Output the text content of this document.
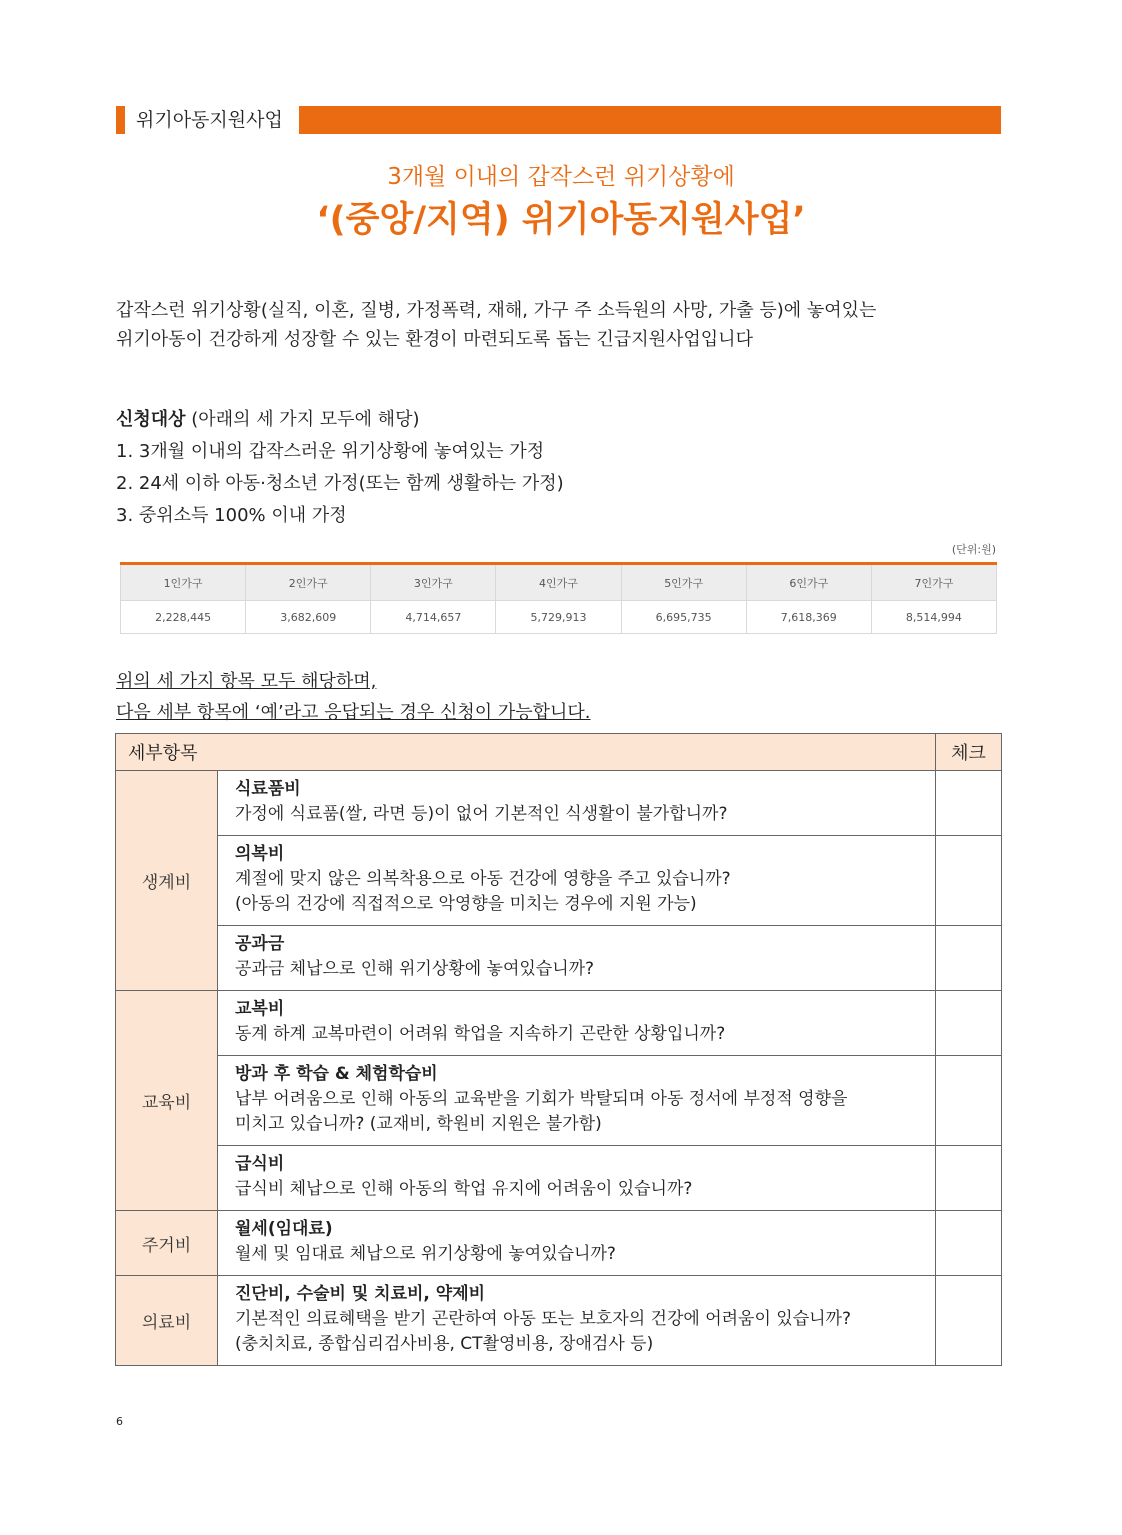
위기아동지원사업
3개월 이내의 갑작스런 위기상황에
‘(중앙/지역) 위기아동지원사업’

갑작스런 위기상황(실직, 이혼, 질병, 가정폭력, 재해, 가구 주 소득원의 사망, 가출 등)에 놓여있는

위기아동이 건강하게 성장할 수 있는 환경이 마련되도록 돕는 긴급지원사업입니다

신청대상 (아래의 세 가지 모두에 해당)

1. 3개월 이내의 갑작스러운 위기상황에 놓여있는 가정

2. 24세 이하 아동·청소년 가정(또는 함께 생활하는 가정)

3. 중위소득 100% 이내 가정

(단위:원)
1인가구	2인가구	3인가구	4인가구	5인가구	6인가구	7인가구
2,228,445	3,682,609	4,714,657	5,729,913	6,695,735	7,618,369	8,514,994

위의 세 가지 항목 모두 해당하며,

다음 세부 항목에 ‘예’라고 응답되는 경우 신청이 가능합니다.

세부항목		체크
생계비	식료품비
가정에 식료품(쌀, 라면 등)이 없어 기본적인 식생활이 불가합니까?	

	의복비
계절에 맞지 않은 의복착용으로 아동 건강에 영향을 주고 있습니까?
(아동의 건강에 직접적으로 악영향을 미치는 경우에 지원 가능)	

	공과금
공과금 체납으로 인해 위기상황에 놓여있습니까?	

교육비	교복비
동계 하계 교복마련이 어려워 학업을 지속하기 곤란한 상황입니까?	

	방과 후 학습 & 체험학습비
납부 어려움으로 인해 아동의 교육받을 기회가 박탈되며 아동 정서에 부정적 영향을
미치고 있습니까? (교재비, 학원비 지원은 불가함)	

	급식비
급식비 체납으로 인해 아동의 학업 유지에 어려움이 있습니까?	

주거비	월세(임대료)
월세 및 임대료 체납으로 위기상황에 놓여있습니까?	

의료비	진단비, 수술비 및 치료비, 약제비
기본적인 의료혜택을 받기 곤란하여 아동 또는 보호자의 건강에 어려움이 있습니까?
(충치치료, 종합심리검사비용, CT촬영비용, 장애검사 등)	

6
